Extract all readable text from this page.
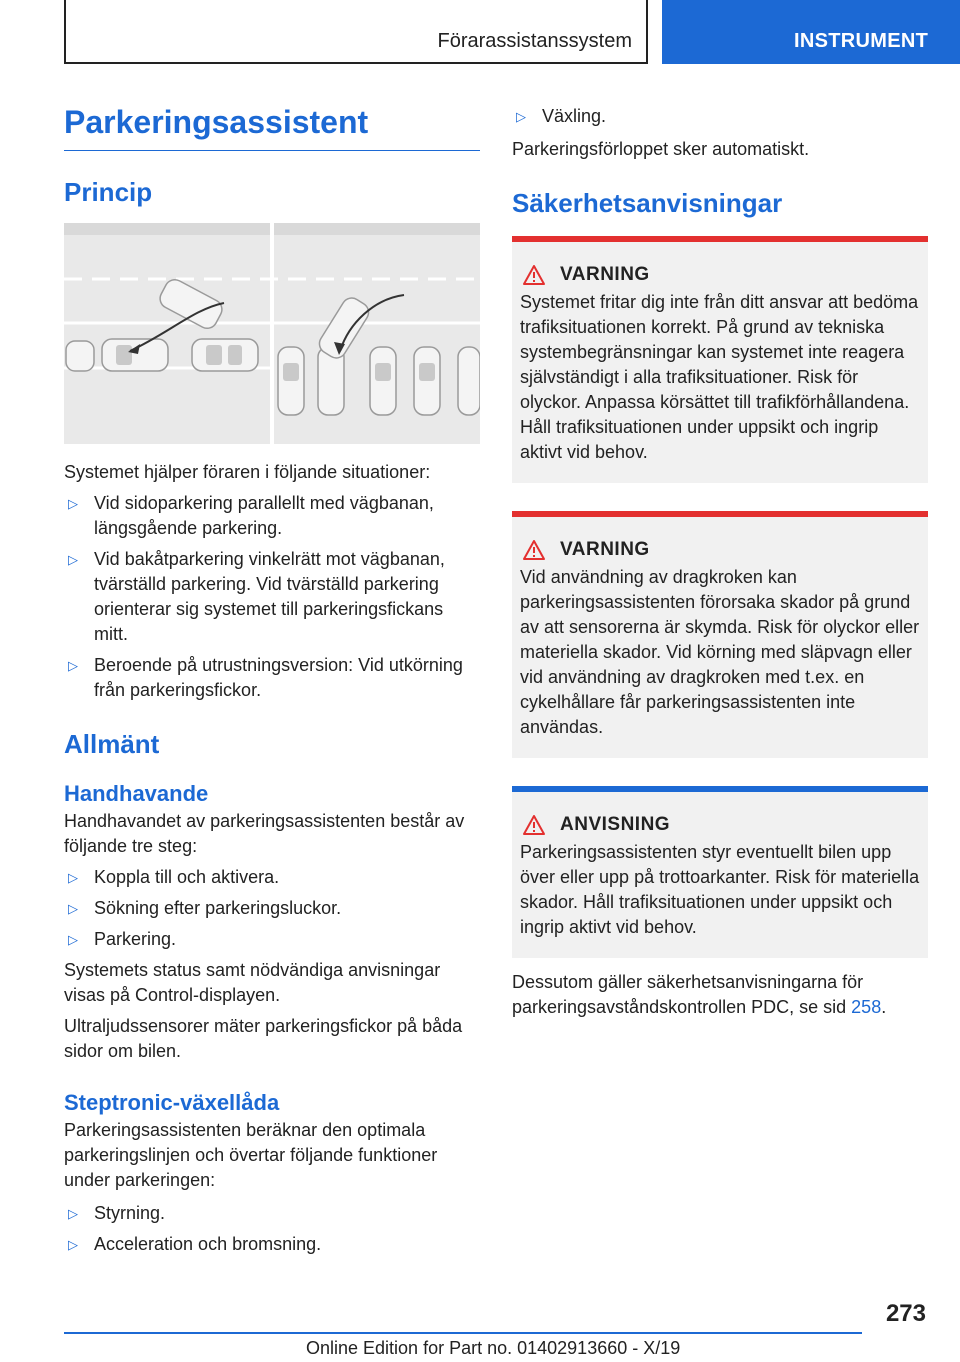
Förarassistanssystem	INSTRUMENT
Parkeringsassistent
Princip

Systemet hjälper föraren i följande situationer:

▷ Vid sidoparkering parallellt med vägbanan, längsgående parkering.
▷ Vid bakåtparkering vinkelrätt mot vägbanan, tvärställd parkering. Vid tvärställd parkering orienterar sig systemet till parkeringsfickans mitt.
▷ Beroende på utrustningsversion: Vid utkörning från parkeringsfickor.
Allmänt
Handhavande

Handhavandet av parkeringsassistenten består av följande tre steg:

▷ Koppla till och aktivera.
▷ Sökning efter parkeringsluckor.
▷ Parkering.

Systemets status samt nödvändiga anvisningar visas på Control-displayen.

Ultraljudssensorer mäter parkeringsfickor på båda sidor om bilen.

Steptronic-växellåda

Parkeringsassistenten beräknar den optimala parkeringslinjen och övertar följande funktioner under parkeringen:

▷ Styrning.
▷ Acceleration och bromsning.
▷ Växling.

Parkeringsförloppet sker automatiskt.

Säkerhetsanvisningar
VARNING

Systemet fritar dig inte från ditt ansvar att bedöma trafiksituationen korrekt. På grund av tekniska systembegränsningar kan systemet inte reagera självständigt i alla trafiksituationer. Risk för olyckor. Anpassa körsättet till trafikförhållandena. Håll trafiksituationen under uppsikt och ingrip aktivt vid behov.

VARNING

Vid användning av dragkroken kan parkeringsassistenten förorsaka skador på grund av att sensorerna är skymda. Risk för olyckor eller materiella skador. Vid körning med släpvagn eller vid användning av dragkroken med t.ex. en cykelhållare får parkeringsassistenten inte användas.

ANVISNING

Parkeringsassistenten styr eventuellt bilen upp över eller upp på trottoarkanter. Risk för materiella skador. Håll trafiksituationen under uppsikt och ingrip aktivt vid behov.

Dessutom gäller säkerhetsanvisningarna för parkeringsavståndskontrollen PDC, se sid 258.

273
Online Edition for Part no. 01402913660 - X/19
